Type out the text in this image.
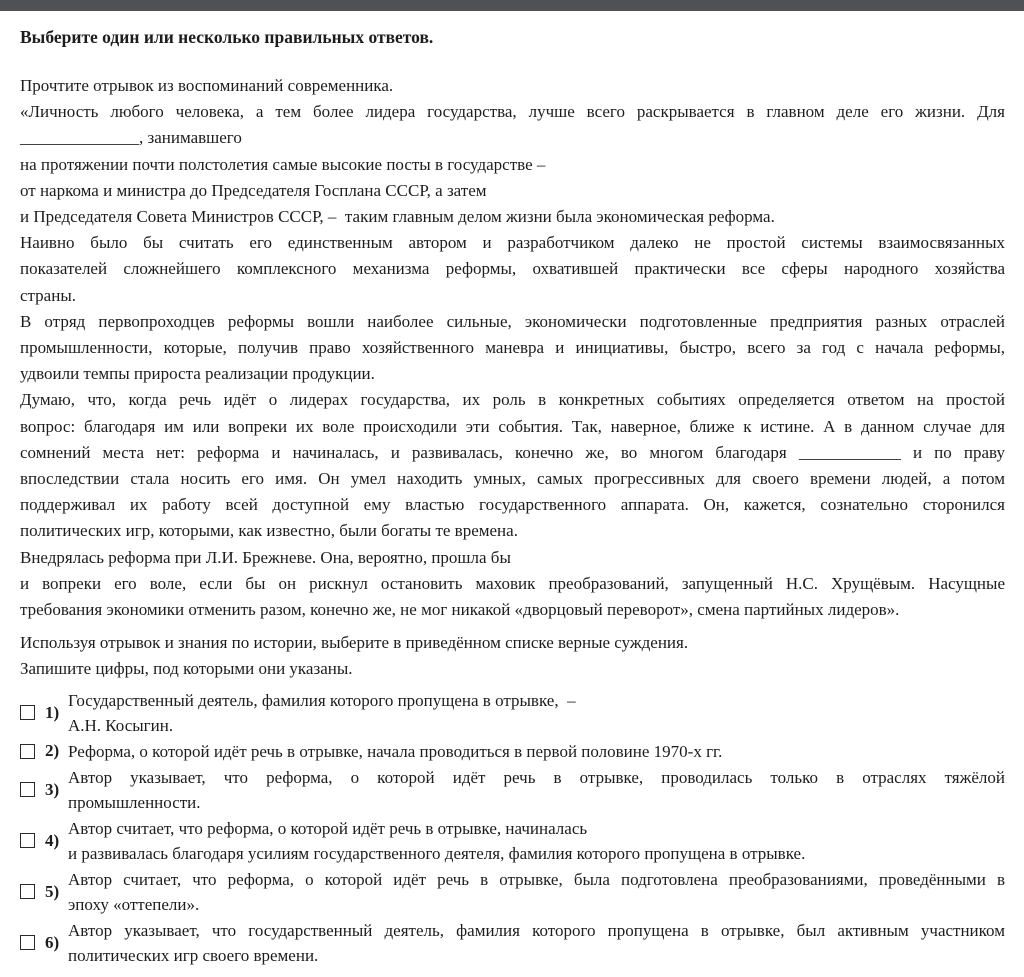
Выберите один или несколько правильных ответов.
Прочтите отрывок из воспоминаний современника.
«Личность любого человека, а тем более лидера государства, лучше всего раскрывается в главном деле его жизни. Для
______________, занимавшего
на протяжении почти полстолетия самые высокие посты в государстве –
от наркома и министра до Председателя Госплана СССР, а затем
и Председателя Совета Министров СССР, –  таким главным делом жизни была экономическая реформа.
Наивно было бы считать его единственным автором и разработчиком далеко не простой системы взаимосвязанных
показателей сложнейшего комплексного механизма реформы, охватившей практически все сферы народного хозяйства
страны.
В отряд первопроходцев реформы вошли наиболее сильные, экономически подготовленные предприятия разных отраслей
промышленности, которые, получив право хозяйственного маневра и инициативы, быстро, всего за год с начала реформы,
удвоили темпы прироста реализации продукции.
Думаю, что, когда речь идёт о лидерах государства, их роль в конкретных событиях определяется ответом на простой
вопрос: благодаря им или вопреки их воле происходили эти события. Так, наверное, ближе к истине. А в данном случае для
сомнений места нет: реформа и начиналась, и развивалась, конечно же, во многом благодаря ____________ и по праву
впоследствии стала носить его имя. Он умел находить умных, самых прогрессивных для своего времени людей, а потом
поддерживал их работу всей доступной ему властью государственного аппарата. Он, кажется, сознательно сторонился
политических игр, которыми, как известно, были богаты те времена.
Внедрялась реформа при Л.И. Брежневе. Она, вероятно, прошла бы
и вопреки его воле, если бы он рискнул остановить маховик преобразований, запущенный Н.С. Хрущёвым. Насущные
требования экономики отменить разом, конечно же, не мог никакой «дворцовый переворот», смена партийных лидеров».
Используя отрывок и знания по истории, выберите в приведённом списке верные суждения.
Запишите цифры, под которыми они указаны.
1)
Государственный деятель, фамилия которого пропущена в отрывке,  –
А.Н. Косыгин.
2) Реформа, о которой идёт речь в отрывке, начала проводиться в первой половине 1970-х гг.
3)
Автор указывает, что реформа, о которой идёт речь в отрывке, проводилась только в отраслях тяжёлой
промышленности.
4)
Автор считает, что реформа, о которой идёт речь в отрывке, начиналась
и развивалась благодаря усилиям государственного деятеля, фамилия которого пропущена в отрывке.
5)
Автор считает, что реформа, о которой идёт речь в отрывке, была подготовлена преобразованиями, проведёнными в
эпоху «оттепели».
6)
Автор указывает, что государственный деятель, фамилия которого пропущена в отрывке, был активным участником
политических игр своего времени.
